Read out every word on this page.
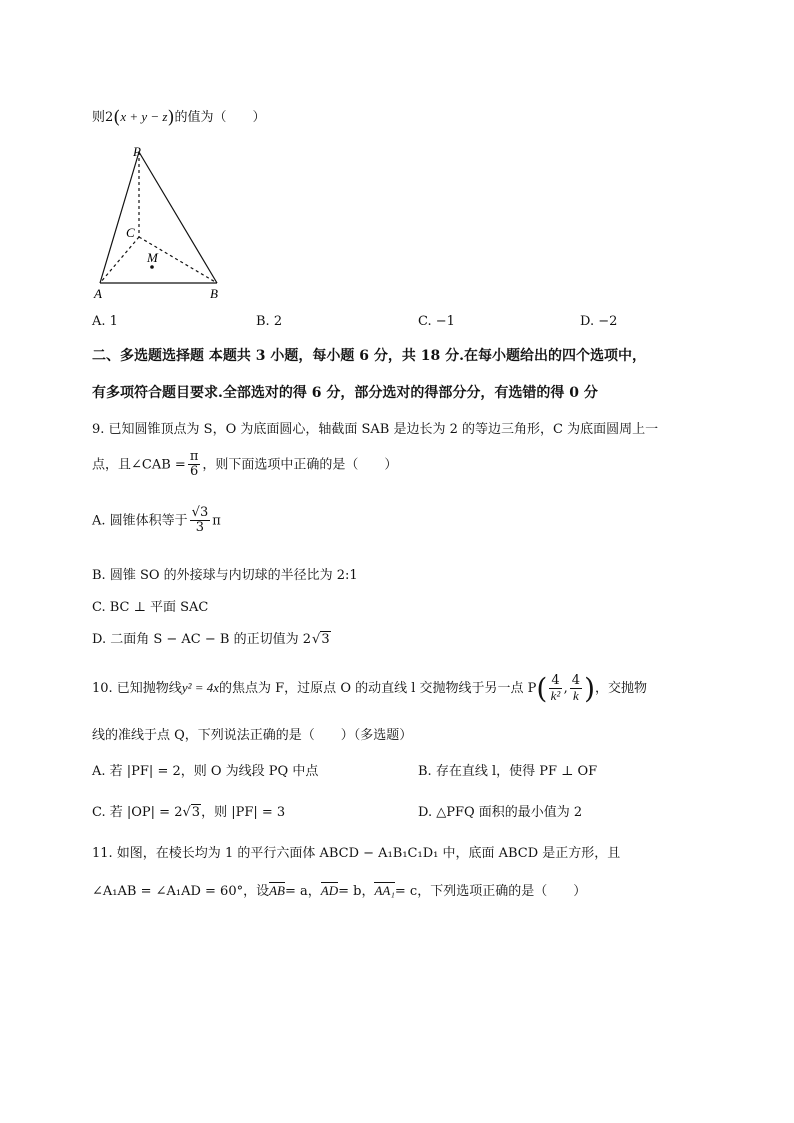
则2(x + y − z)的值为（　　）
P
C
M
A	B
A. 1	B. 2	C. −1	D. −2
二、多选题选择题 本题共 3 小题，每小题 6 分，共 18 分.在每小题给出的四个选项中，
有多项符合题目要求.全部选对的得 6 分，部分选对的得部分分，有选错的得 0 分
9. 已知圆锥顶点为 S，O 为底面圆心，轴截面 SAB 是边长为 2 的等边三角形，C 为底面圆周上一
点，且∠CAB = $\frac{\pi}{6}$ ，则下面选项中正确的是（　　）
A. 圆锥体积等于 $\frac{√3}{3}$ π
B. 圆锥 SO 的外接球与内切球的半径比为 2:1
C. BC ⊥ 平面 SAC
D. 二面角 S − AC − B 的正切值为 2√3
10. 已知抛物线y² = 4x的焦点为 F，过原点 O 的动直线 l 交抛物线于另一点 $P( \frac{4}{\text{k²}}$ , $\frac{4}{k}$ )，交抛物
线的准线于点 Q，下列说法正确的是（　　）（多选题）
A. 若 |PF| = 2，则 O 为线段 PQ 中点	B. 存在直线 l，使得 PF ⊥ OF
C. 若 |OP| = 2√3，则 |PF| = 3	D. △PFQ 面积的最小值为 2
11. 如图，在棱长均为 1 的平行六面体 ABCD − A₁B₁C₁D₁ 中，底面 ABCD 是正方形，且
∠A₁AB = ∠A₁AD = 60°，设AB= a，AD= b，AA₁= c，下列选项正确的是（　　）
